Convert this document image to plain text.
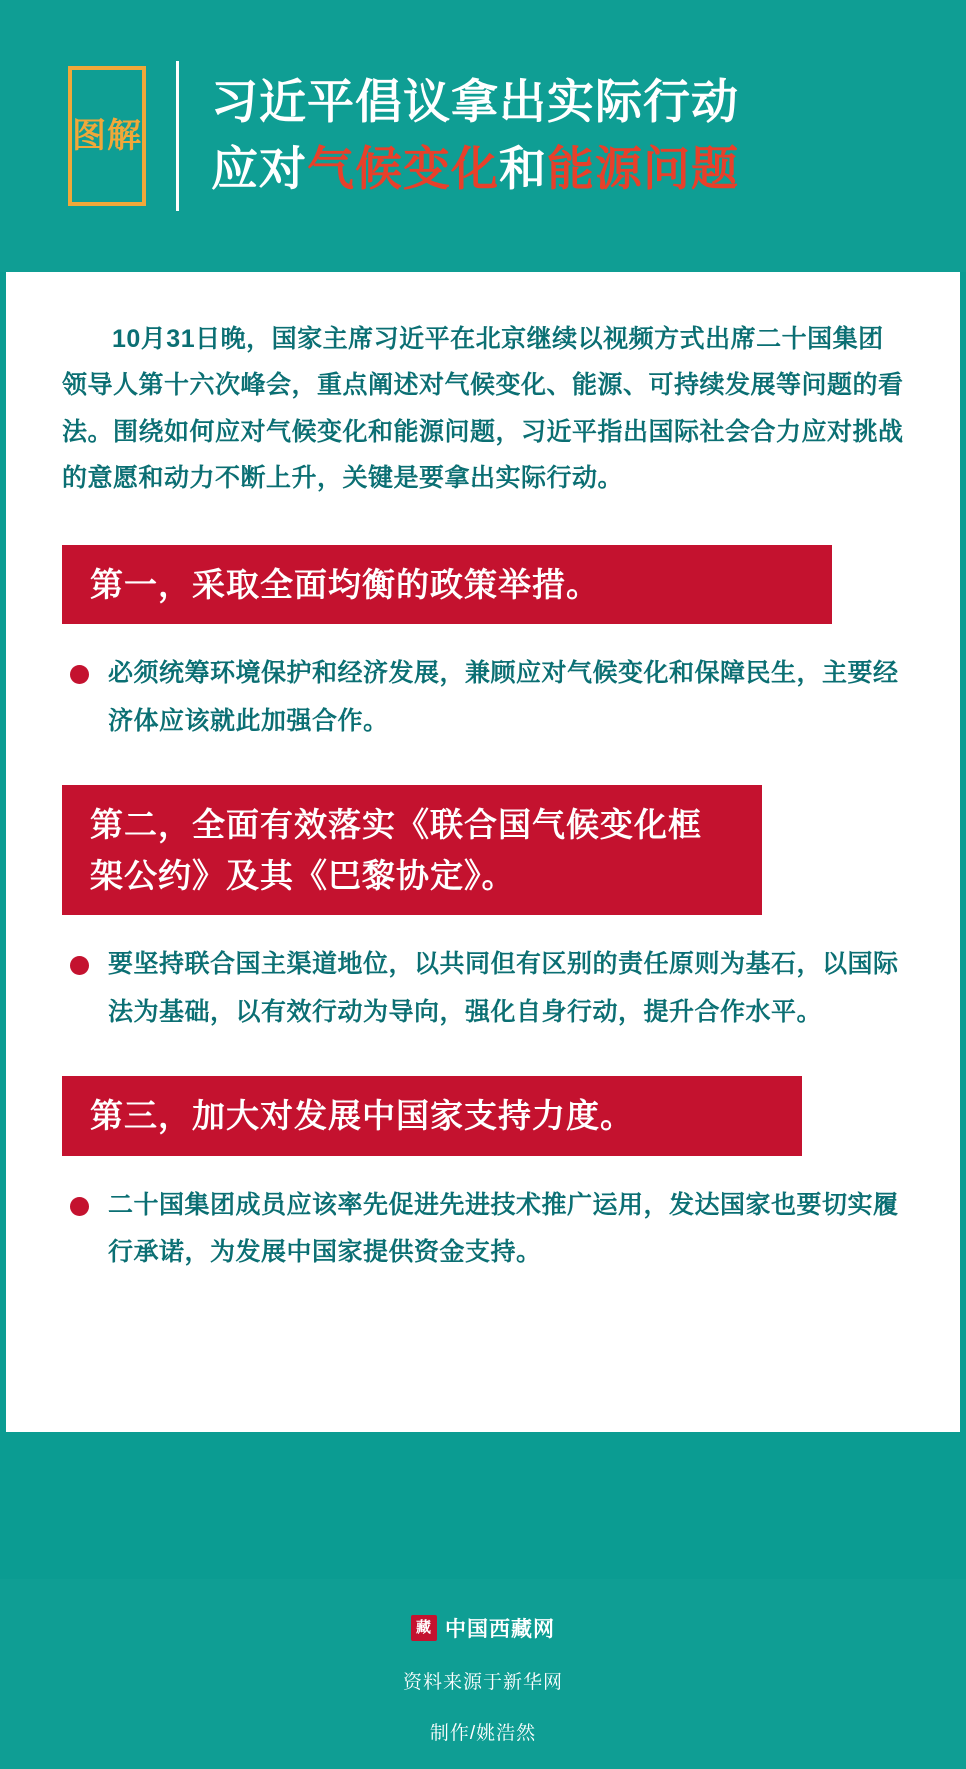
图解
习近平倡议拿出实际行动
应对气候变化和能源问题

10月31日晚，国家主席习近平在北京继续以视频方式出席二十国集团领导人第十六次峰会，重点阐述对气候变化、能源、可持续发展等问题的看法。围绕如何应对气候变化和能源问题，习近平指出国际社会合力应对挑战的意愿和动力不断上升，关键是要拿出实际行动。

第一，采取全面均衡的政策举措。

必须统筹环境保护和经济发展，兼顾应对气候变化和保障民生，主要经济体应该就此加强合作。

第二，全面有效落实《联合国气候变化框架公约》及其《巴黎协定》。

要坚持联合国主渠道地位，以共同但有区别的责任原则为基石，以国际法为基础，以有效行动为导向，强化自身行动，提升合作水平。

第三，加大对发展中国家支持力度。

二十国集团成员应该率先促进先进技术推广运用，发达国家也要切实履行承诺，为发展中国家提供资金支持。

藏 中国西藏网
资料来源于新华网
制作/姚浩然
